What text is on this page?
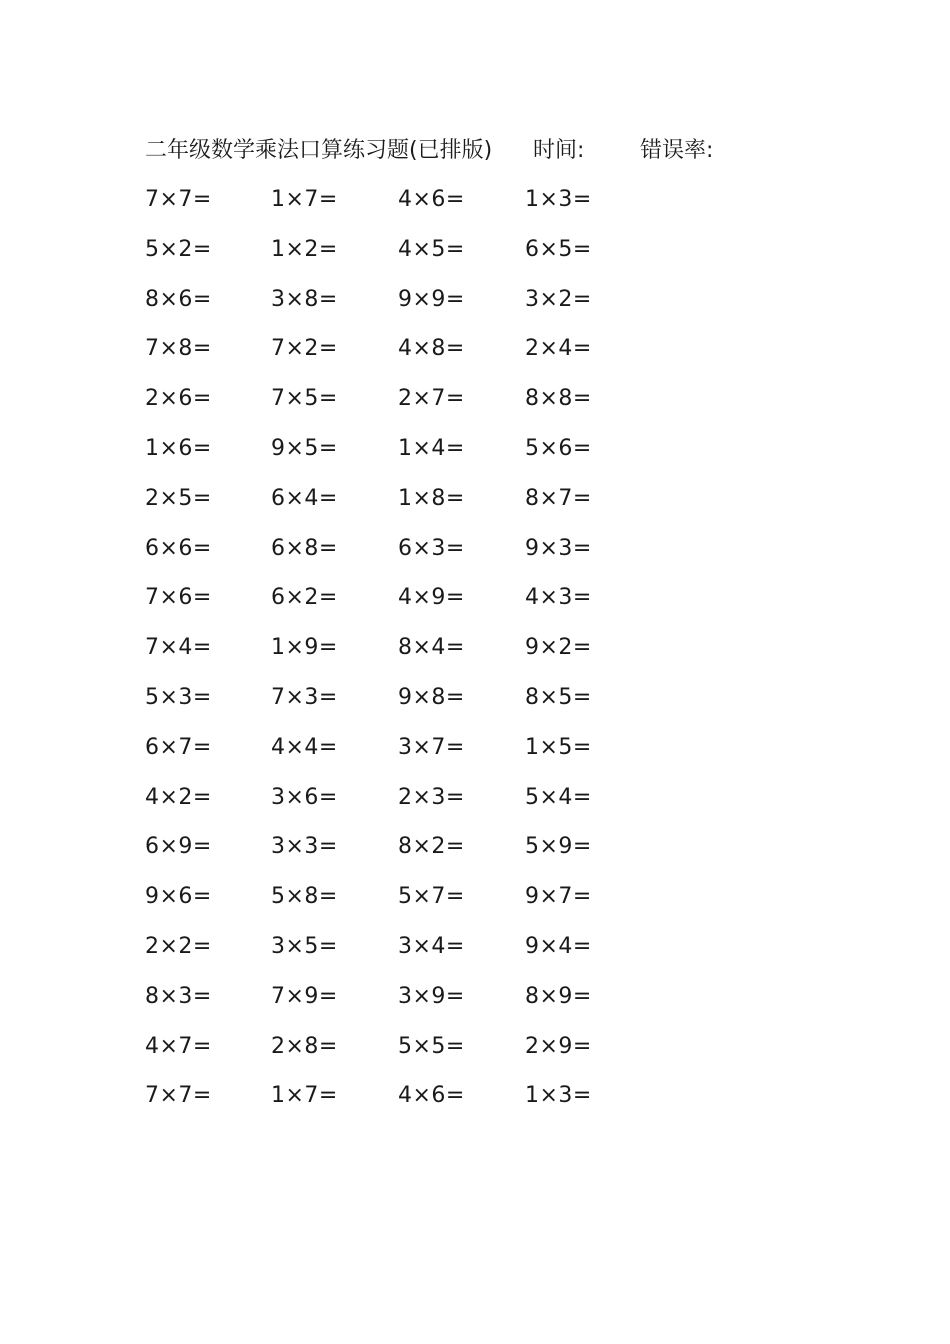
二年级数学乘法口算练习题(已排版) 时间:	错误率:
7×7=	1×7=	4×6=	1×3=
5×2=	1×2=	4×5=	6×5=
8×6=	3×8=	9×9=	3×2=
7×8=	7×2=	4×8=	2×4=
2×6=	7×5=	2×7=	8×8=
1×6=	9×5=	1×4=	5×6=
2×5=	6×4=	1×8=	8×7=
6×6=	6×8=	6×3=	9×3=
7×6=	6×2=	4×9=	4×3=
7×4=	1×9=	8×4=	9×2=
5×3=	7×3=	9×8=	8×5=
6×7=	4×4=	3×7=	1×5=
4×2=	3×6=	2×3=	5×4=
6×9=	3×3=	8×2=	5×9=
9×6=	5×8=	5×7=	9×7=
2×2=	3×5=	3×4=	9×4=
8×3=	7×9=	3×9=	8×9=
4×7=	2×8=	5×5=	2×9=
7×7=	1×7=	4×6=	1×3=
